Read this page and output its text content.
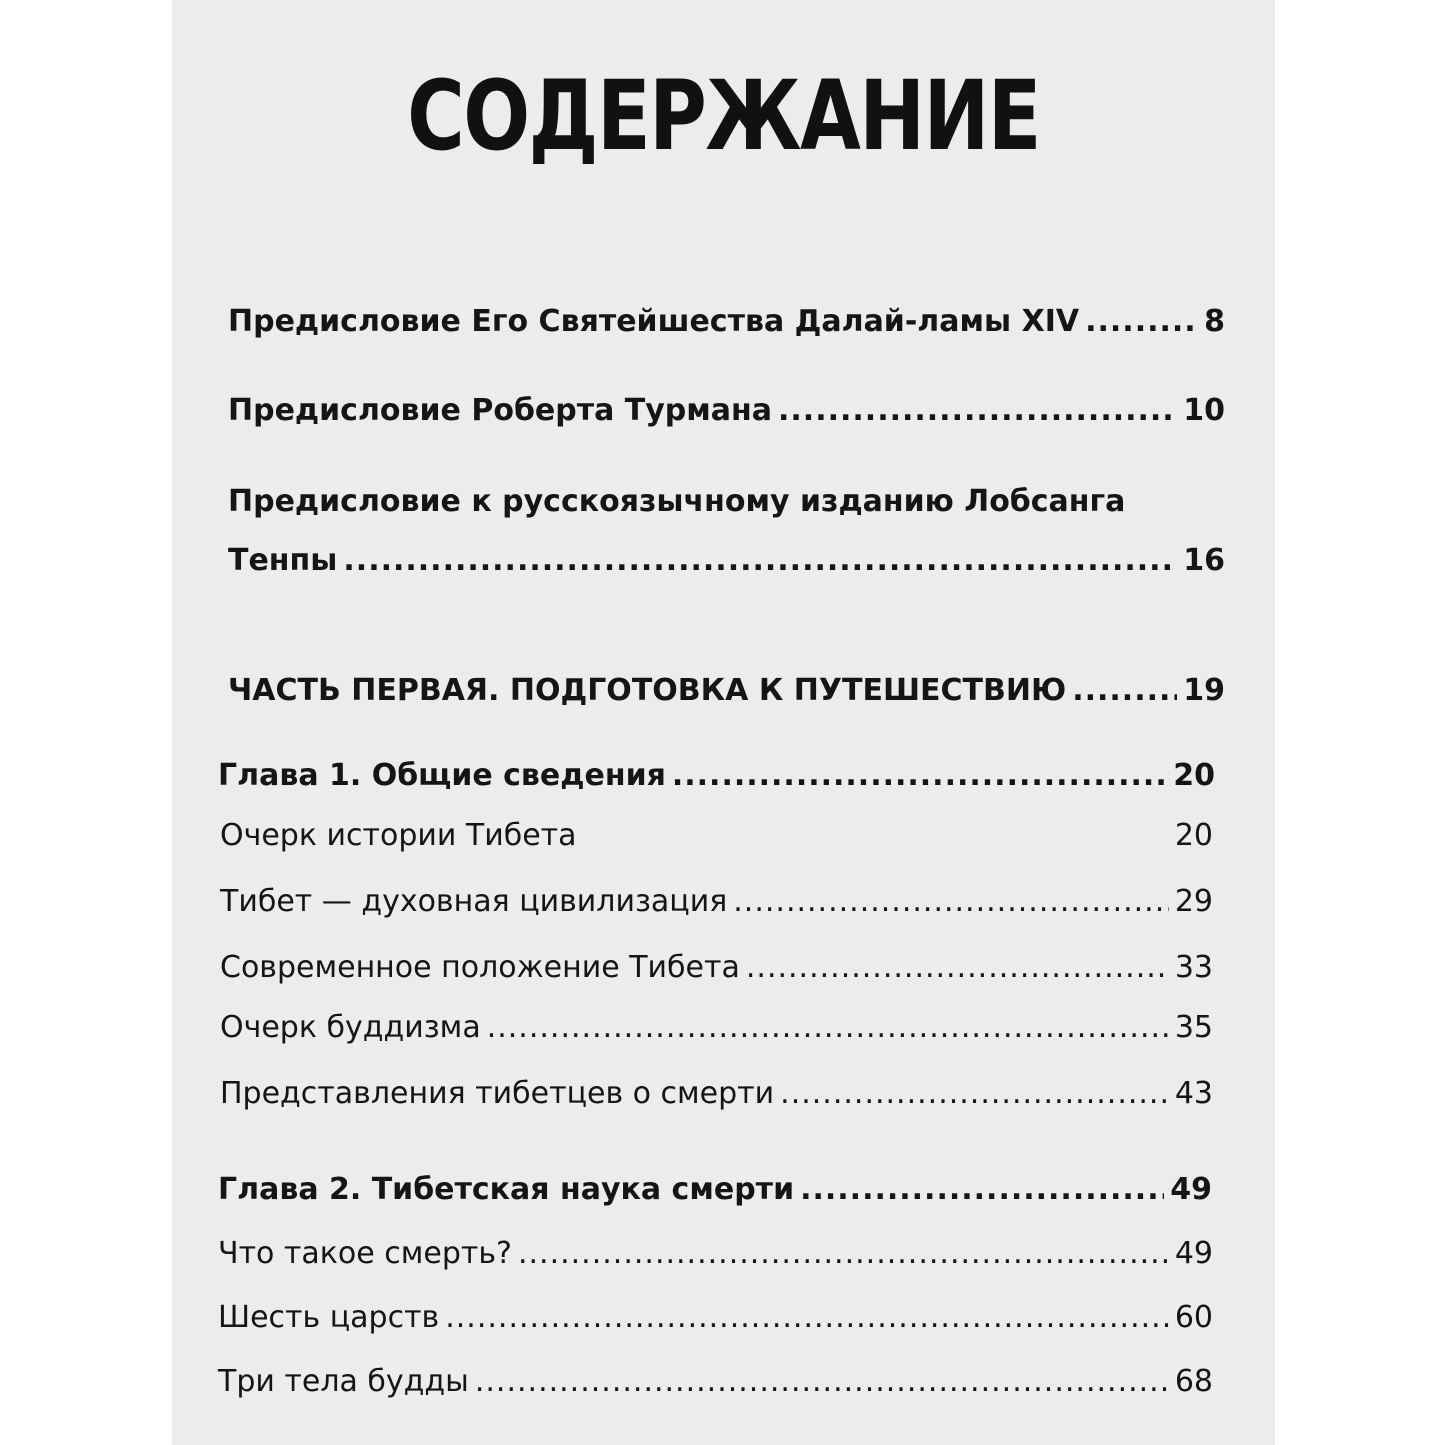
СОДЕРЖАНИЕ
Предисловие Его Святейшества Далай-ламы XIV .....	8
Предисловие Роберта Турмана .....	10
Предисловие к русскоязычному изданию Лобсанга
Тенпы .....	16
ЧАСТЬ ПЕРВАЯ. ПОДГОТОВКА К ПУТЕШЕСТВИЮ .....	19
Глава 1. Общие сведения .....	20
Очерк истории Тибета	20
Тибет — духовная цивилизация .....	29
Современное положение Тибета .....	33
Очерк буддизма .....	35
Представления тибетцев о смерти .....	43
Глава 2. Тибетская наука смерти .....	49
Что такое смерть? .....	49
Шесть царств .....	60
Три тела будды .....	68
